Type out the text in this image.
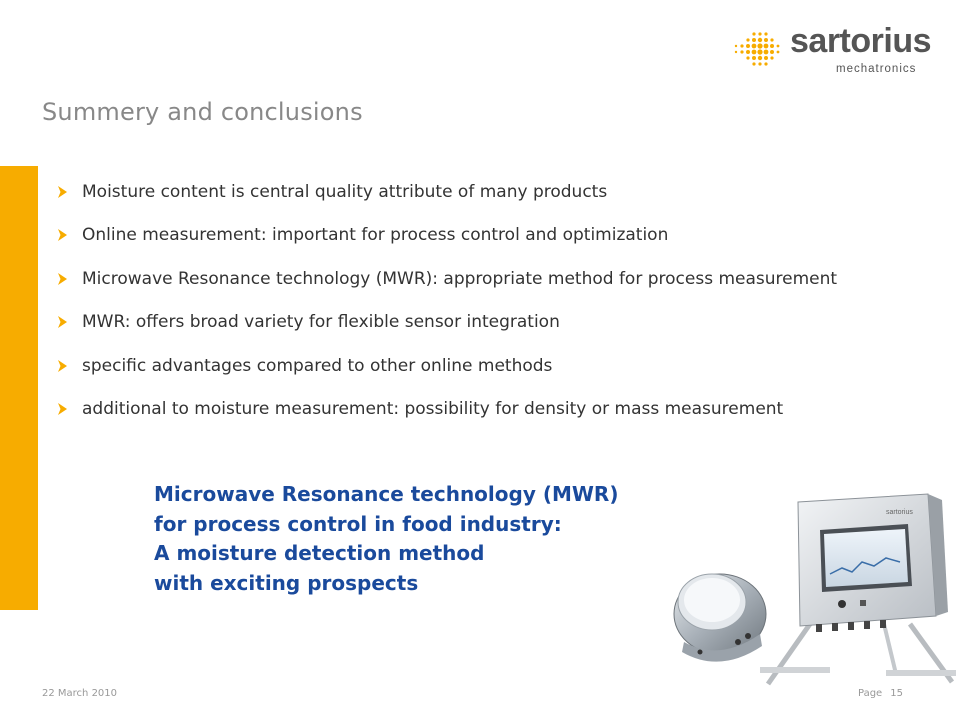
sartorius
mechatronics
Summery and conclusions
Moisture content is central quality attribute of many products
Online measurement: important for process control and optimization
Microwave Resonance technology (MWR): appropriate method for process measurement
MWR: offers broad variety for flexible sensor integration
specific advantages compared to other online methods
additional to moisture measurement: possibility for density or mass measurement
Microwave Resonance technology (MWR)
for process control in food industry:
A moisture detection method
with exciting prospects
sartorius
22 March 2010	Page 15
